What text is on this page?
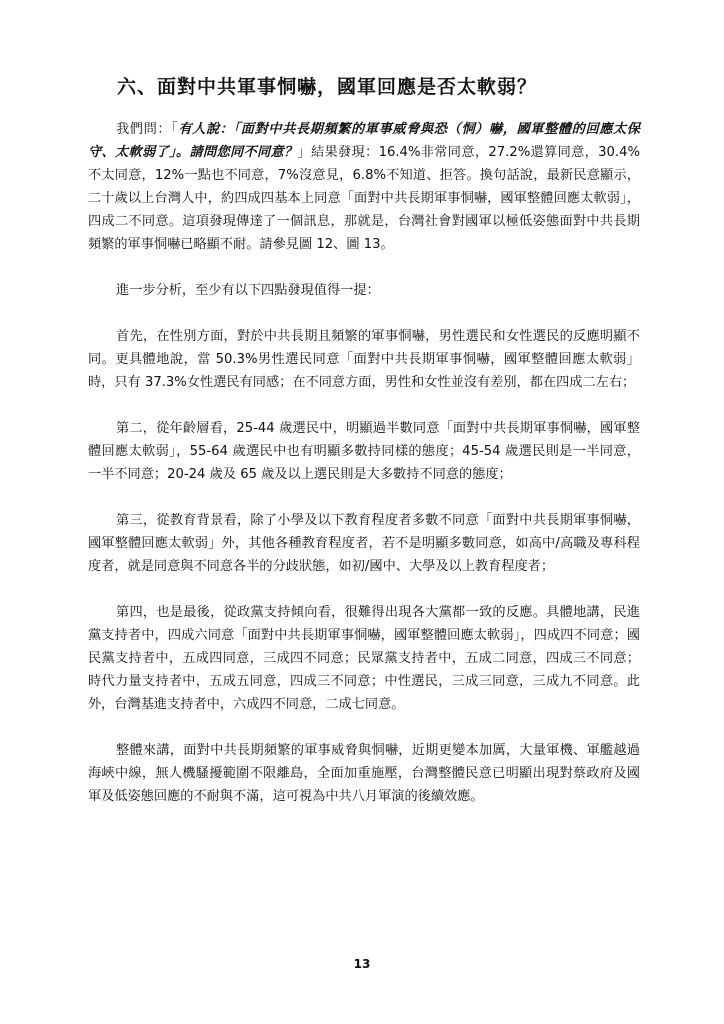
六、面對中共軍事恫嚇，國軍回應是否太軟弱？

我們問：「有人說：「面對中共長期頻繁的軍事威脅與恐（恫）嚇，國軍整體的回應太保守、太軟弱了」。請問您同不同意？」結果發現：16.4%非常同意，27.2%還算同意，30.4%不太同意，12%一點也不同意，7%沒意見，6.8%不知道、拒答。換句話說，最新民意顯示，二十歲以上台灣人中，約四成四基本上同意「面對中共長期軍事恫嚇，國軍整體回應太軟弱」，四成二不同意。這項發現傳達了一個訊息，那就是，台灣社會對國軍以極低姿態面對中共長期頻繁的軍事恫嚇已略顯不耐。請參見圖 12、圖 13。

進一步分析，至少有以下四點發現值得一提：

首先，在性別方面，對於中共長期且頻繁的軍事恫嚇，男性選民和女性選民的反應明顯不同。更具體地說，當 50.3%男性選民同意「面對中共長期軍事恫嚇，國軍整體回應太軟弱」時，只有 37.3%女性選民有同感；在不同意方面，男性和女性並沒有差別，都在四成二左右；

第二，從年齡層看，25-44 歲選民中，明顯過半數同意「面對中共長期軍事恫嚇，國軍整體回應太軟弱」，55-64 歲選民中也有明顯多數持同樣的態度；45-54 歲選民則是一半同意，一半不同意；20-24 歲及 65 歲及以上選民則是大多數持不同意的態度；

第三，從教育背景看，除了小學及以下教育程度者多數不同意「面對中共長期軍事恫嚇，國軍整體回應太軟弱」外，其他各種教育程度者，若不是明顯多數同意，如高中/高職及專科程度者，就是同意與不同意各半的分歧狀態，如初/國中、大學及以上教育程度者；

第四，也是最後，從政黨支持傾向看，很難得出現各大黨都一致的反應。具體地講，民進黨支持者中，四成六同意「面對中共長期軍事恫嚇，國軍整體回應太軟弱」，四成四不同意；國民黨支持者中，五成四同意，三成四不同意；民眾黨支持者中，五成二同意，四成三不同意；時代力量支持者中，五成五同意，四成三不同意；中性選民，三成三同意，三成九不同意。此外，台灣基進支持者中，六成四不同意，二成七同意。

整體來講，面對中共長期頻繁的軍事威脅與恫嚇，近期更變本加厲，大量軍機、軍艦越過海峽中線，無人機騷擾範圍不限離島，全面加重施壓，台灣整體民意已明顯出現對蔡政府及國軍及低姿態回應的不耐與不滿，這可視為中共八月軍演的後續效應。

13
